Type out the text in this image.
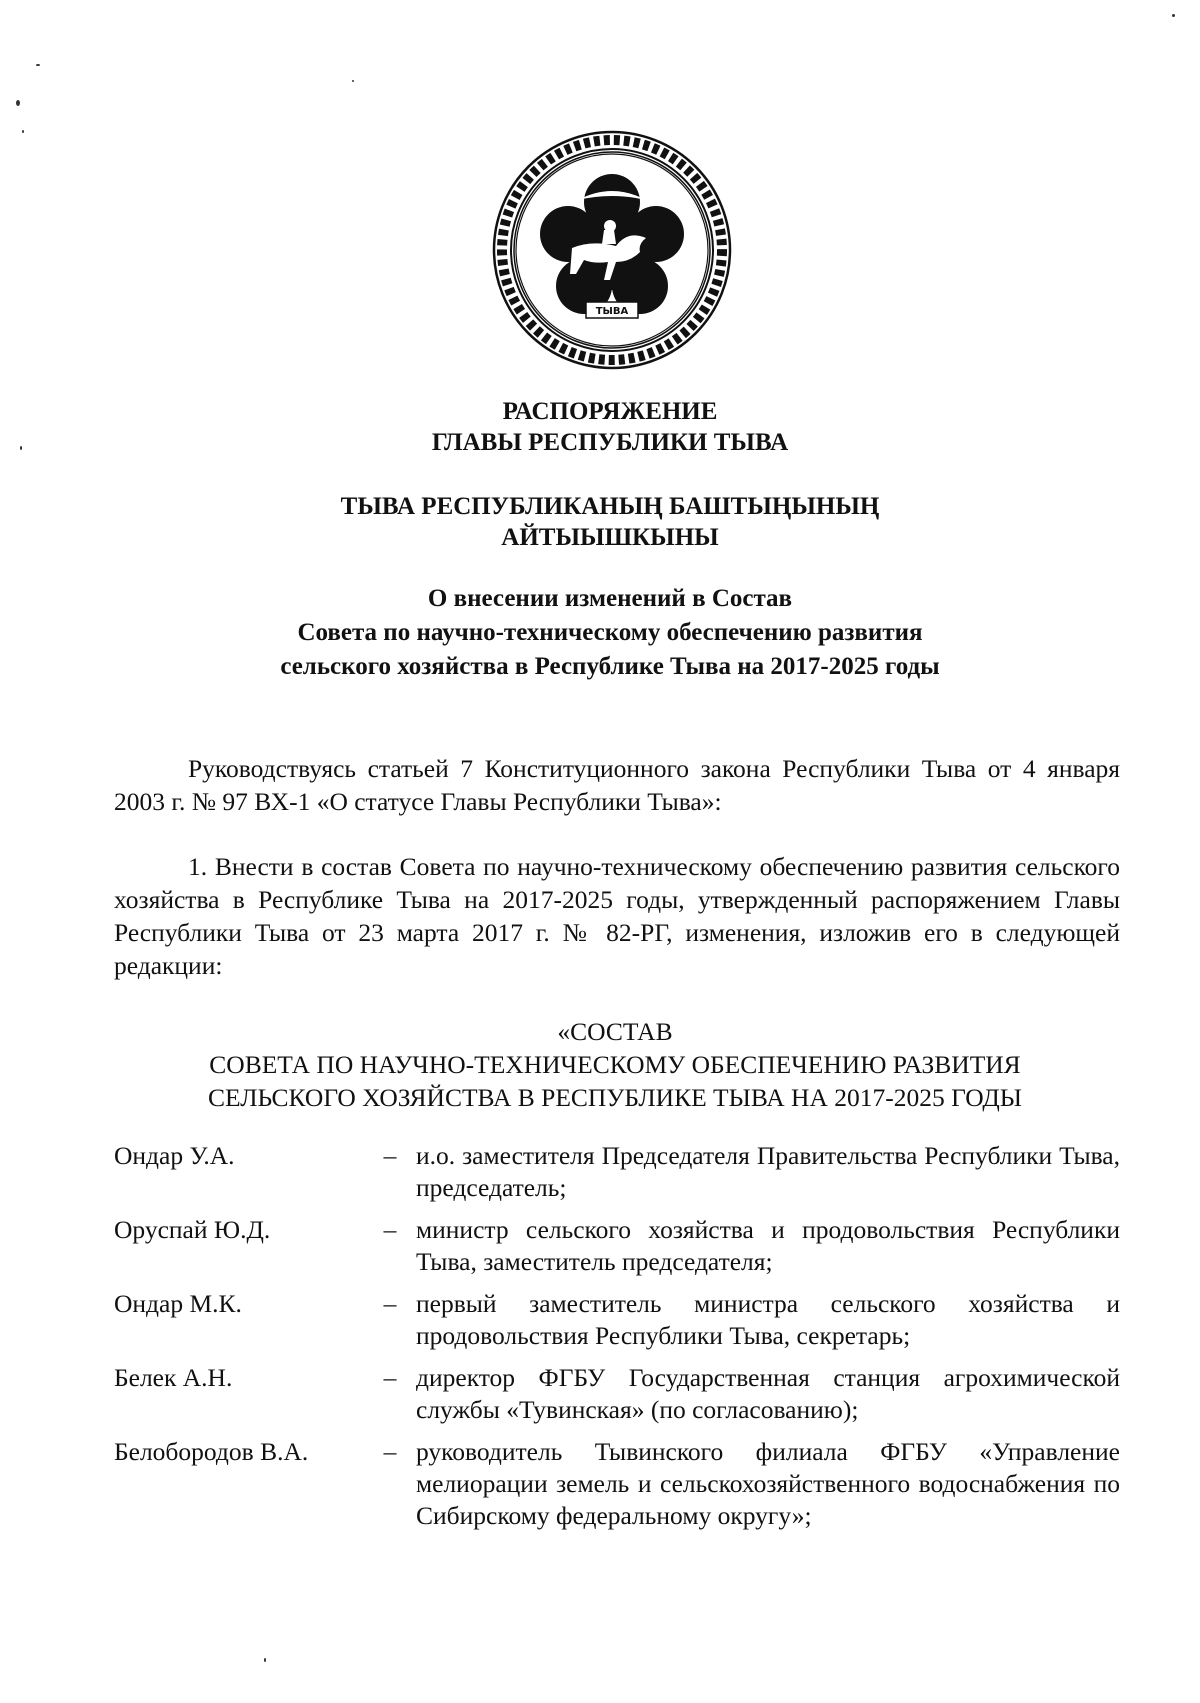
ТЫВА
РАСПОРЯЖЕНИЕ
ГЛАВЫ РЕСПУБЛИКИ ТЫВА
ТЫВА РЕСПУБЛИКАНЫҢ БАШТЫҢЫНЫҢ
АЙТЫЫШКЫНЫ
О внесении изменений в Состав
Совета по научно-техническому обеспечению развития
сельского хозяйства в Республике Тыва на 2017-2025 годы
Руководствуясь статьей 7 Конституционного закона Республики Тыва от 4 января 2003 г. № 97 ВХ-1 «О статусе Главы Республики Тыва»:
1. Внести в состав Совета по научно-техническому обеспечению развития сельского хозяйства в Республике Тыва на 2017-2025 годы, утвержденный распоряжением Главы Республики Тыва от 23 марта 2017 г. № 82-РГ, изменения, изложив его в следующей редакции:
«СОСТАВ
СОВЕТА ПО НАУЧНО-ТЕХНИЧЕСКОМУ ОБЕСПЕЧЕНИЮ РАЗВИТИЯ
СЕЛЬСКОГО ХОЗЯЙСТВА В РЕСПУБЛИКЕ ТЫВА НА 2017-2025 ГОДЫ
Ондар У.А.	– и.о. заместителя Председателя Правительства Республики Тыва, председатель;
Оруспай Ю.Д.	– министр сельского хозяйства и продовольствия Республики Тыва, заместитель председателя;
Ондар М.К.	– первый заместитель министра сельского хозяйства и продовольствия Республики Тыва, секретарь;
Белек А.Н.	– директор ФГБУ Государственная станция агрохимической службы «Тувинская» (по согласованию);
Белобородов В.А.	– руководитель Тывинского филиала ФГБУ «Управление мелиорации земель и сельскохозяйственного водоснабжения по Сибирскому федеральному округу»;
